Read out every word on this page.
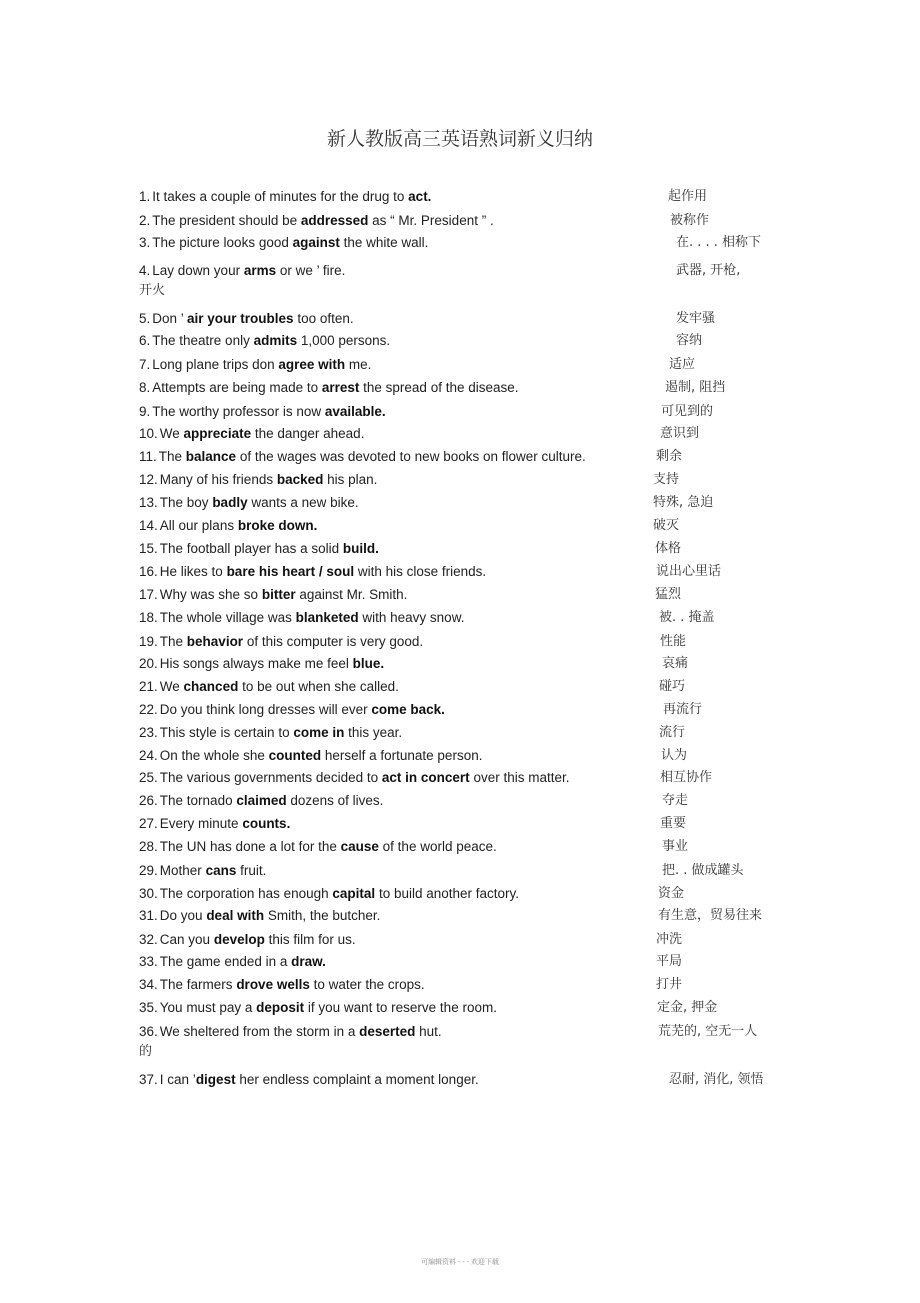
新人教版高三英语熟词新义归纳
1. It takes a couple of minutes for the drug to act.	起作用
2. The president should be addressed as “ Mr. President ” .	被称作
3. The picture looks good against the white wall.	在. . . . 相称下
4. Lay down your arms or we ’ fire.	武器, 开枪,
开火
5. Don ’ air your troubles too often.	发牢骚
6. The theatre only admits 1,000 persons.	容纳
7. Long plane trips don agree with me.	适应
8. Attempts are being made to arrest the spread of the disease.	遏制, 阻挡
9. The worthy professor is now available.	可见到的
10. We appreciate the danger ahead.	意识到
11. The balance of the wages was devoted to new books on flower culture.	剩余
12. Many of his friends backed his plan.	支持
13. The boy badly wants a new bike.	特殊, 急迫
14. All our plans broke down.	破灭
15. The football player has a solid build.	体格
16. He likes to bare his heart / soul with his close friends.	说出心里话
17. Why was she so bitter against Mr. Smith.	猛烈
18. The whole village was blanketed with heavy snow.	被. . 掩盖
19. The behavior of this computer is very good.	性能
20. His songs always make me feel blue.	哀痛
21. We chanced to be out when she called.	碰巧
22. Do you think long dresses will ever come back.	再流行
23. This style is certain to come in this year.	流行
24. On the whole she counted herself a fortunate person.	认为
25. The various governments decided to act in concert over this matter.	相互协作
26. The tornado claimed dozens of lives.	夺走
27. Every minute counts.	重要
28. The UN has done a lot for the cause of the world peace.	事业
29. Mother cans fruit.	把. . 做成罐头
30. The corporation has enough capital to build another factory.	资金
31. Do you deal with Smith, the butcher.	有生意，贸易往来
32. Can you develop this film for us.	冲洗
33. The game ended in a draw.	平局
34. The farmers drove wells to water the crops.	打井
35. You must pay a deposit if you want to reserve the room.	定金, 押金
36. We sheltered from the storm in a deserted hut.	荒芜的, 空无一人
的
37. I can ’digest her endless complaint a moment longer.	忍耐, 消化, 领悟
可编辑资料 - - - 欢迎下载
